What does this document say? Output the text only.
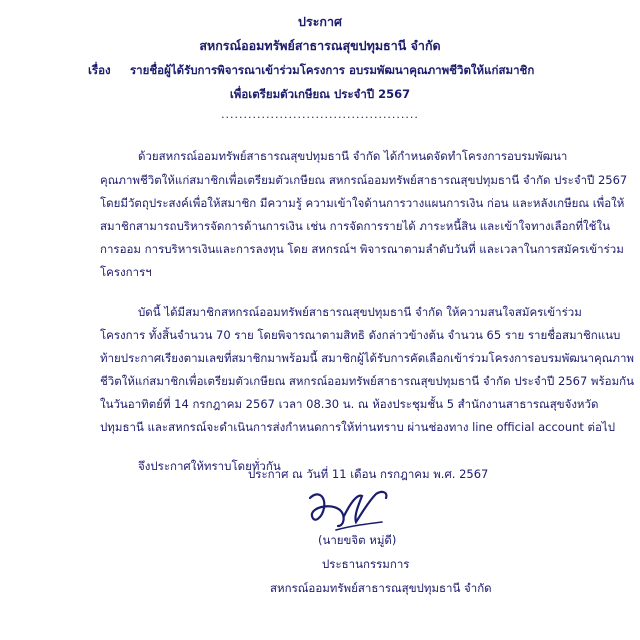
ประกาศ
สหกรณ์ออมทรัพย์สาธารณสุขปทุมธานี จำกัด
เรื่อง รายชื่อผู้ได้รับการพิจารณาเข้าร่วมโครงการ อบรมพัฒนาคุณภาพชีวิตให้แก่สมาชิก
เพื่อเตรียมตัวเกษียณ ประจำปี 2567
............................................
ด้วยสหกรณ์ออมทรัพย์สาธารณสุขปทุมธานี จำกัด ได้กำหนดจัดทำโครงการอบรมพัฒนา
คุณภาพชีวิตให้แก่สมาชิกเพื่อเตรียมตัวเกษียณ สหกรณ์ออมทรัพย์สาธารณสุขปทุมธานี จำกัด ประจำปี 2567
โดยมีวัตถุประสงค์เพื่อให้สมาชิก มีความรู้ ความเข้าใจด้านการวางแผนการเงิน ก่อน และหลังเกษียณ เพื่อให้
สมาชิกสามารถบริหารจัดการด้านการเงิน เช่น การจัดการรายได้ ภาระหนี้สิน และเข้าใจทางเลือกที่ใช้ใน
การออม การบริหารเงินและการลงทุน โดย สหกรณ์ฯ พิจารณาตามลำดับวันที่ และเวลาในการสมัครเข้าร่วม
โครงการฯ
บัดนี้ ได้มีสมาชิกสหกรณ์ออมทรัพย์สาธารณสุขปทุมธานี จำกัด ให้ความสนใจสมัครเข้าร่วม
โครงการ ทั้งสิ้นจำนวน 70 ราย โดยพิจารณาตามสิทธิ ดังกล่าวข้างต้น จำนวน 65 ราย รายชื่อสมาชิกแนบ
ท้ายประกาศเรียงตามเลขที่สมาชิกมาพร้อมนี้ สมาชิกผู้ได้รับการคัดเลือกเข้าร่วมโครงการอบรมพัฒนาคุณภาพ
ชีวิตให้แก่สมาชิกเพื่อเตรียมตัวเกษียณ สหกรณ์ออมทรัพย์สาธารณสุขปทุมธานี จำกัด ประจำปี 2567 พร้อมกัน
ในวันอาทิตย์ที่ 14 กรกฎาคม 2567 เวลา 08.30 น. ณ ห้องประชุมชั้น 5 สำนักงานสาธารณสุขจังหวัด
ปทุมธานี และสหกรณ์จะดำเนินการส่งกำหนดการให้ท่านทราบ ผ่านช่องทาง line official account ต่อไป
จึงประกาศให้ทราบโดยทั่วกัน
ประกาศ ณ วันที่ 11 เดือน กรกฎาคม พ.ศ. 2567
(นายขจิต หมู่ดี)
ประธานกรรมการ
สหกรณ์ออมทรัพย์สาธารณสุขปทุมธานี จำกัด
